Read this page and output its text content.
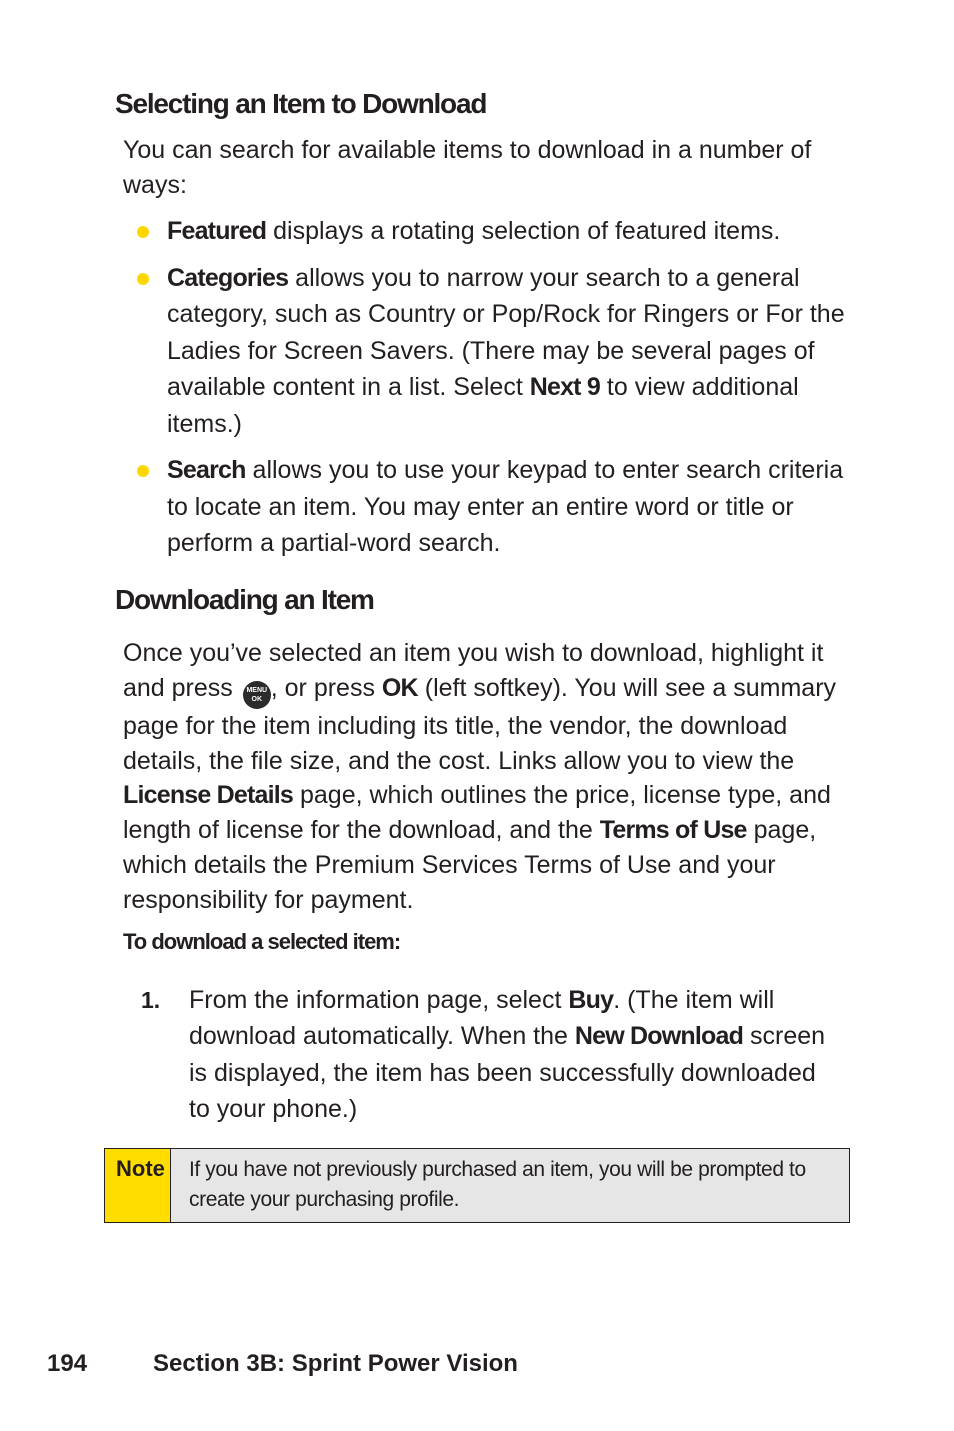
Selecting an Item to Download

You can search for available items to download in a number of ways:

Featured displays a rotating selection of featured items.
Categories allows you to narrow your search to a general category, such as Country or Pop/Rock for Ringers or For the Ladies for Screen Savers. (There may be several pages of available content in a list. Select Next 9 to view additional items.)
Search allows you to use your keypad to enter search criteria to locate an item. You may enter an entire word or title or perform a partial-word search.
Downloading an Item

Once you’ve selected an item you wish to download, highlight it and press MENU
OK , or press OK (left softkey). You will see a summary page for the item including its title, the vendor, the download details, the file size, and the cost. Links allow you to view the License Details page, which outlines the price, license type, and length of license for the download, and the Terms of Use page, which details the Premium Services Terms of Use and your responsibility for payment.

To download a selected item:
1. From the information page, select Buy. (The item will download automatically. When the New Download screen is displayed, the item has been successfully downloaded to your phone.)
Note	If you have not previously purchased an item, you will be prompted to create your purchasing profile.
194	Section 3B: Sprint Power Vision
